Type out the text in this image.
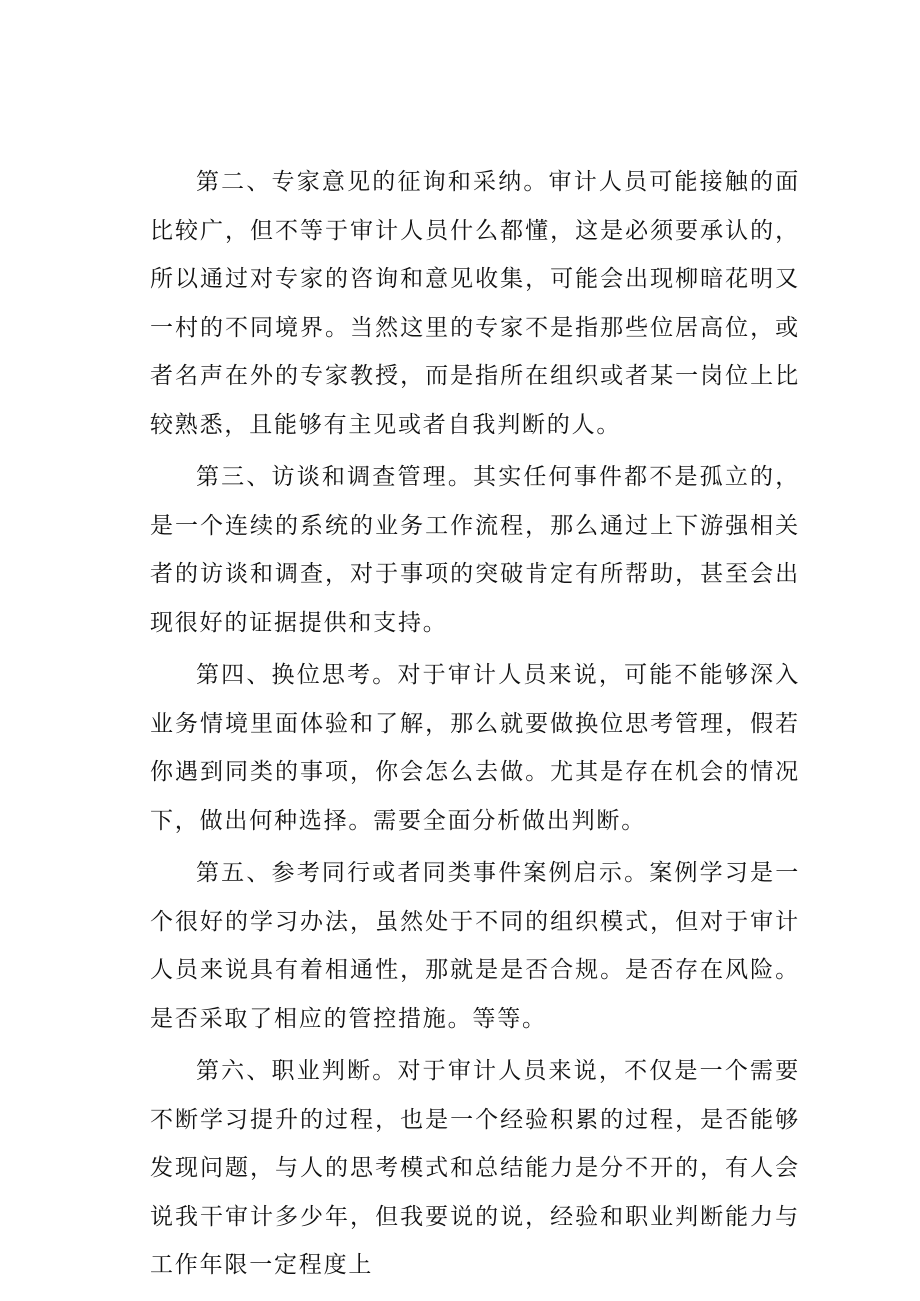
第二、专家意见的征询和采纳。审计人员可能接触的面比较广，但不等于审计人员什么都懂，这是必须要承认的，所以通过对专家的咨询和意见收集，可能会出现柳暗花明又一村的不同境界。当然这里的专家不是指那些位居高位，或者名声在外的专家教授，而是指所在组织或者某一岗位上比较熟悉，且能够有主见或者自我判断的人。

第三、访谈和调查管理。其实任何事件都不是孤立的，是一个连续的系统的业务工作流程，那么通过上下游强相关者的访谈和调查，对于事项的突破肯定有所帮助，甚至会出现很好的证据提供和支持。

第四、换位思考。对于审计人员来说，可能不能够深入业务情境里面体验和了解，那么就要做换位思考管理，假若你遇到同类的事项，你会怎么去做。尤其是存在机会的情况下，做出何种选择。需要全面分析做出判断。

第五、参考同行或者同类事件案例启示。案例学习是一个很好的学习办法，虽然处于不同的组织模式，但对于审计人员来说具有着相通性，那就是是否合规。是否存在风险。是否采取了相应的管控措施。等等。

第六、职业判断。对于审计人员来说，不仅是一个需要不断学习提升的过程，也是一个经验积累的过程，是否能够发现问题，与人的思考模式和总结能力是分不开的，有人会说我干审计多少年，但我要说的说，经验和职业判断能力与工作年限一定程度上
